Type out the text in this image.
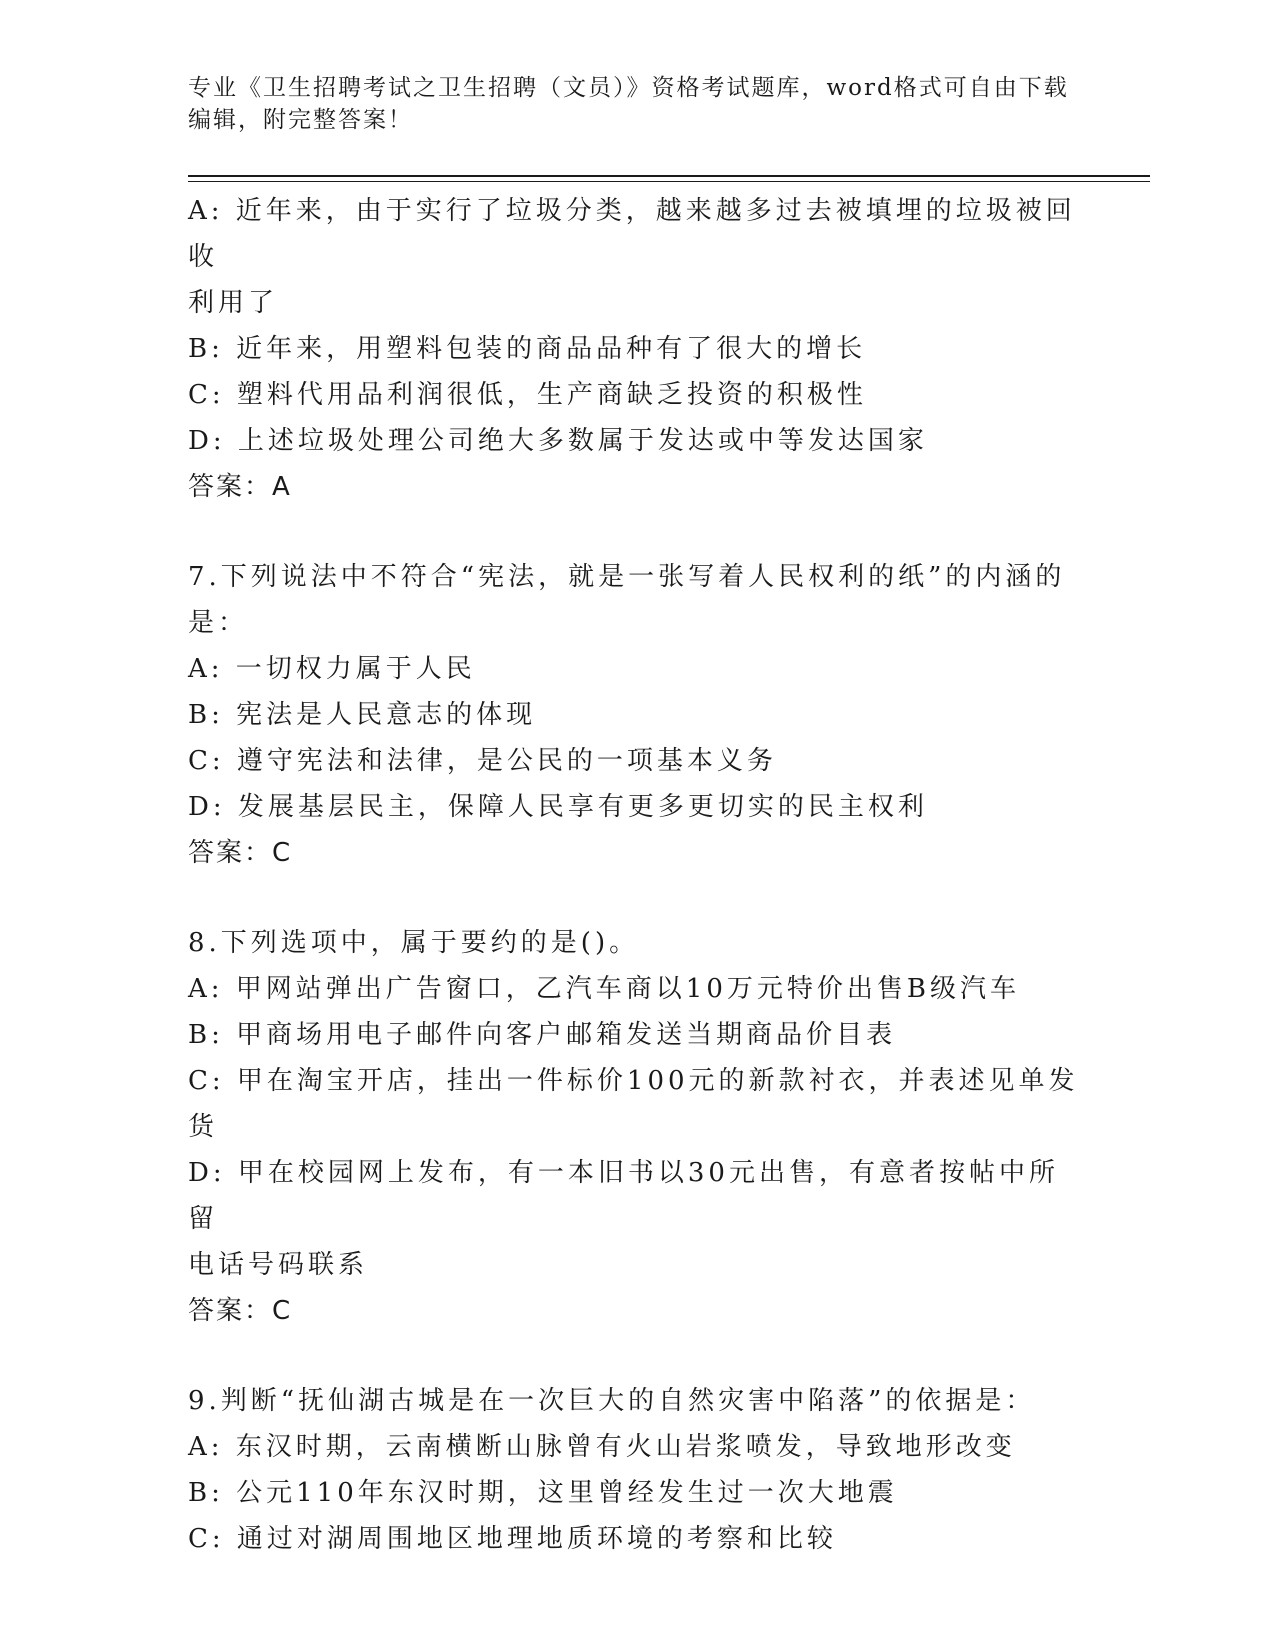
专业《卫生招聘考试之卫生招聘（文员）》资格考试题库，word格式可自由下载
编辑，附完整答案！

A: 近年来，由于实行了垃圾分类，越来越多过去被填埋的垃圾被回收

利用了

B: 近年来，用塑料包装的商品品种有了很大的增长

C: 塑料代用品利润很低，生产商缺乏投资的积极性

D: 上述垃圾处理公司绝大多数属于发达或中等发达国家

答案：A

7.下列说法中不符合“宪法，就是一张写着人民权利的纸”的内涵的

是：

A: 一切权力属于人民

B: 宪法是人民意志的体现

C: 遵守宪法和法律，是公民的一项基本义务

D: 发展基层民主，保障人民享有更多更切实的民主权利

答案：C

8.下列选项中，属于要约的是()。

A: 甲网站弹出广告窗口，乙汽车商以10万元特价出售B级汽车

B: 甲商场用电子邮件向客户邮箱发送当期商品价目表

C: 甲在淘宝开店，挂出一件标价100元的新款衬衣，并表述见单发货

D: 甲在校园网上发布，有一本旧书以30元出售，有意者按帖中所留

电话号码联系

答案：C

9.判断“抚仙湖古城是在一次巨大的自然灾害中陷落”的依据是：

A: 东汉时期，云南横断山脉曾有火山岩浆喷发，导致地形改变

B: 公元110年东汉时期，这里曾经发生过一次大地震

C: 通过对湖周围地区地理地质环境的考察和比较
